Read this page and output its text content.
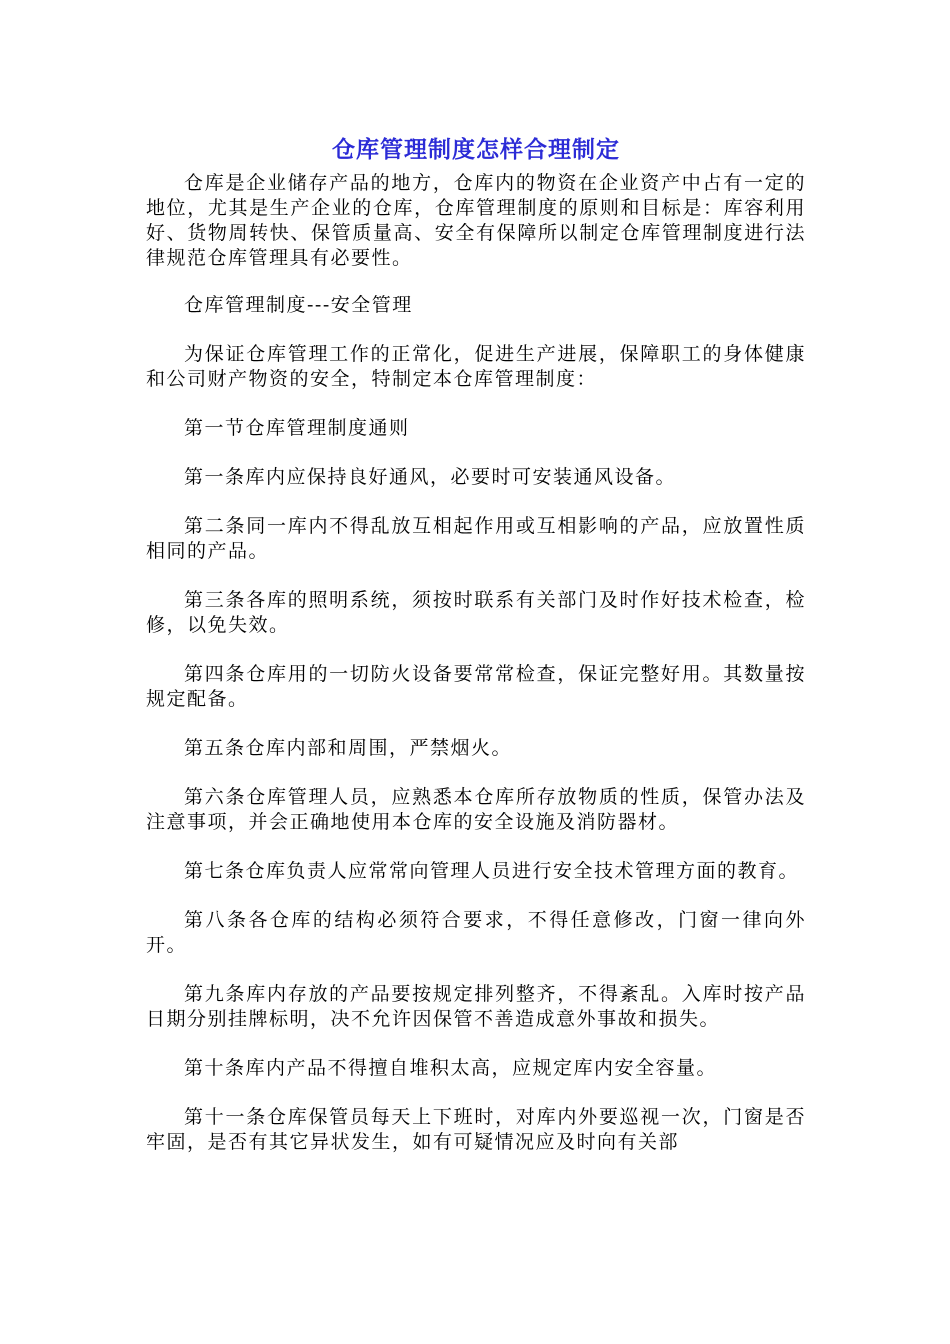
仓库管理制度怎样合理制定

仓库是企业储存产品的地方，仓库内的物资在企业资产中占有一定的地位，尤其是生产企业的仓库，仓库管理制度的原则和目标是：库容利用好、货物周转快、保管质量高、安全有保障所以制定仓库管理制度进行法律规范仓库管理具有必要性。

仓库管理制度---安全管理

为保证仓库管理工作的正常化，促进生产进展，保障职工的身体健康和公司财产物资的安全，特制定本仓库管理制度：

第一节仓库管理制度通则

第一条库内应保持良好通风，必要时可安装通风设备。

第二条同一库内不得乱放互相起作用或互相影响的产品，应放置性质相同的产品。

第三条各库的照明系统，须按时联系有关部门及时作好技术检查，检修，以免失效。

第四条仓库用的一切防火设备要常常检查，保证完整好用。其数量按规定配备。

第五条仓库内部和周围，严禁烟火。

第六条仓库管理人员，应熟悉本仓库所存放物质的性质，保管办法及注意事项，并会正确地使用本仓库的安全设施及消防器材。

第七条仓库负责人应常常向管理人员进行安全技术管理方面的教育。

第八条各仓库的结构必须符合要求，不得任意修改，门窗一律向外开。

第九条库内存放的产品要按规定排列整齐，不得紊乱。入库时按产品日期分别挂牌标明，决不允许因保管不善造成意外事故和损失。

第十条库内产品不得擅自堆积太高，应规定库内安全容量。

第十一条仓库保管员每天上下班时，对库内外要巡视一次，门窗是否牢固，是否有其它异状发生，如有可疑情况应及时向有关部
